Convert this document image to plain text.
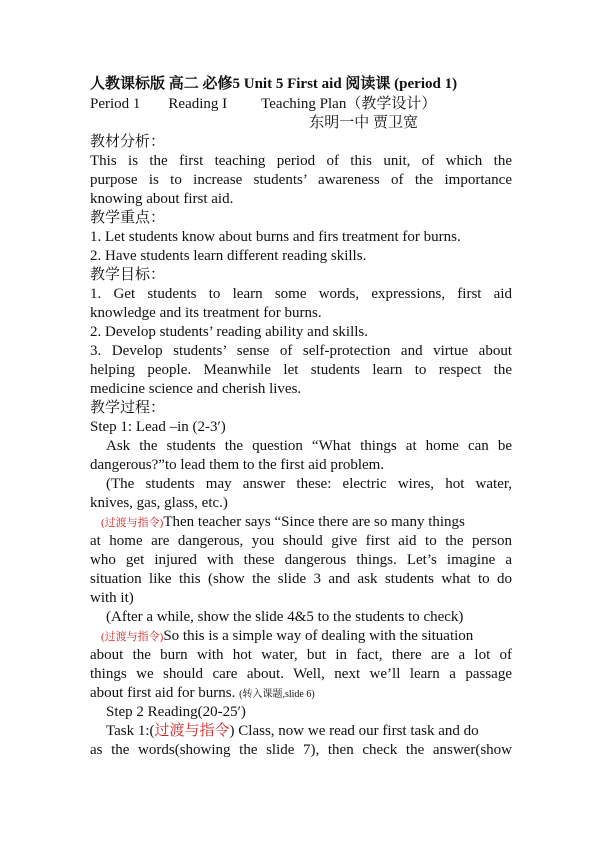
人教课标版 高二 必修5 Unit 5 First aid 阅读课 (period 1)
Period 1 Reading I Teaching Plan（教学设计）
东明一中 贾卫宽
教材分析：
This is the first teaching period of this unit, of which the
purpose is to increase students’ awareness of the importance
knowing about first aid.
教学重点：
1. Let students know about burns and firs treatment for burns.
2. Have students learn different reading skills.
教学目标：
1. Get students to learn some words, expressions, first aid
knowledge and its treatment for burns.
2. Develop students’ reading ability and skills.
3. Develop students’ sense of self-protection and virtue about
helping people. Meanwhile let students learn to respect the
medicine science and cherish lives.
教学过程：
Step 1: Lead –in (2-3′)
Ask the students the question “What things at home can be
dangerous?”to lead them to the first aid problem.
(The students may answer these: electric wires, hot water,
knives, gas, glass, etc.)
(过渡与指令)Then teacher says “Since there are so many things
at home are dangerous, you should give first aid to the person
who get injured with these dangerous things. Let’s imagine a
situation like this (show the slide 3 and ask students what to do
with it)
(After a while, show the slide 4&5 to the students to check)
(过渡与指令)So this is a simple way of dealing with the situation
about the burn with hot water, but in fact, there are a lot of
things we should care about. Well, next we’ll learn a passage
about first aid for burns. (转入课题,slide 6)
Step 2 Reading(20-25′)
Task 1:(过渡与指令) Class, now we read our first task and do
as the words(showing the slide 7), then check the answer(show
